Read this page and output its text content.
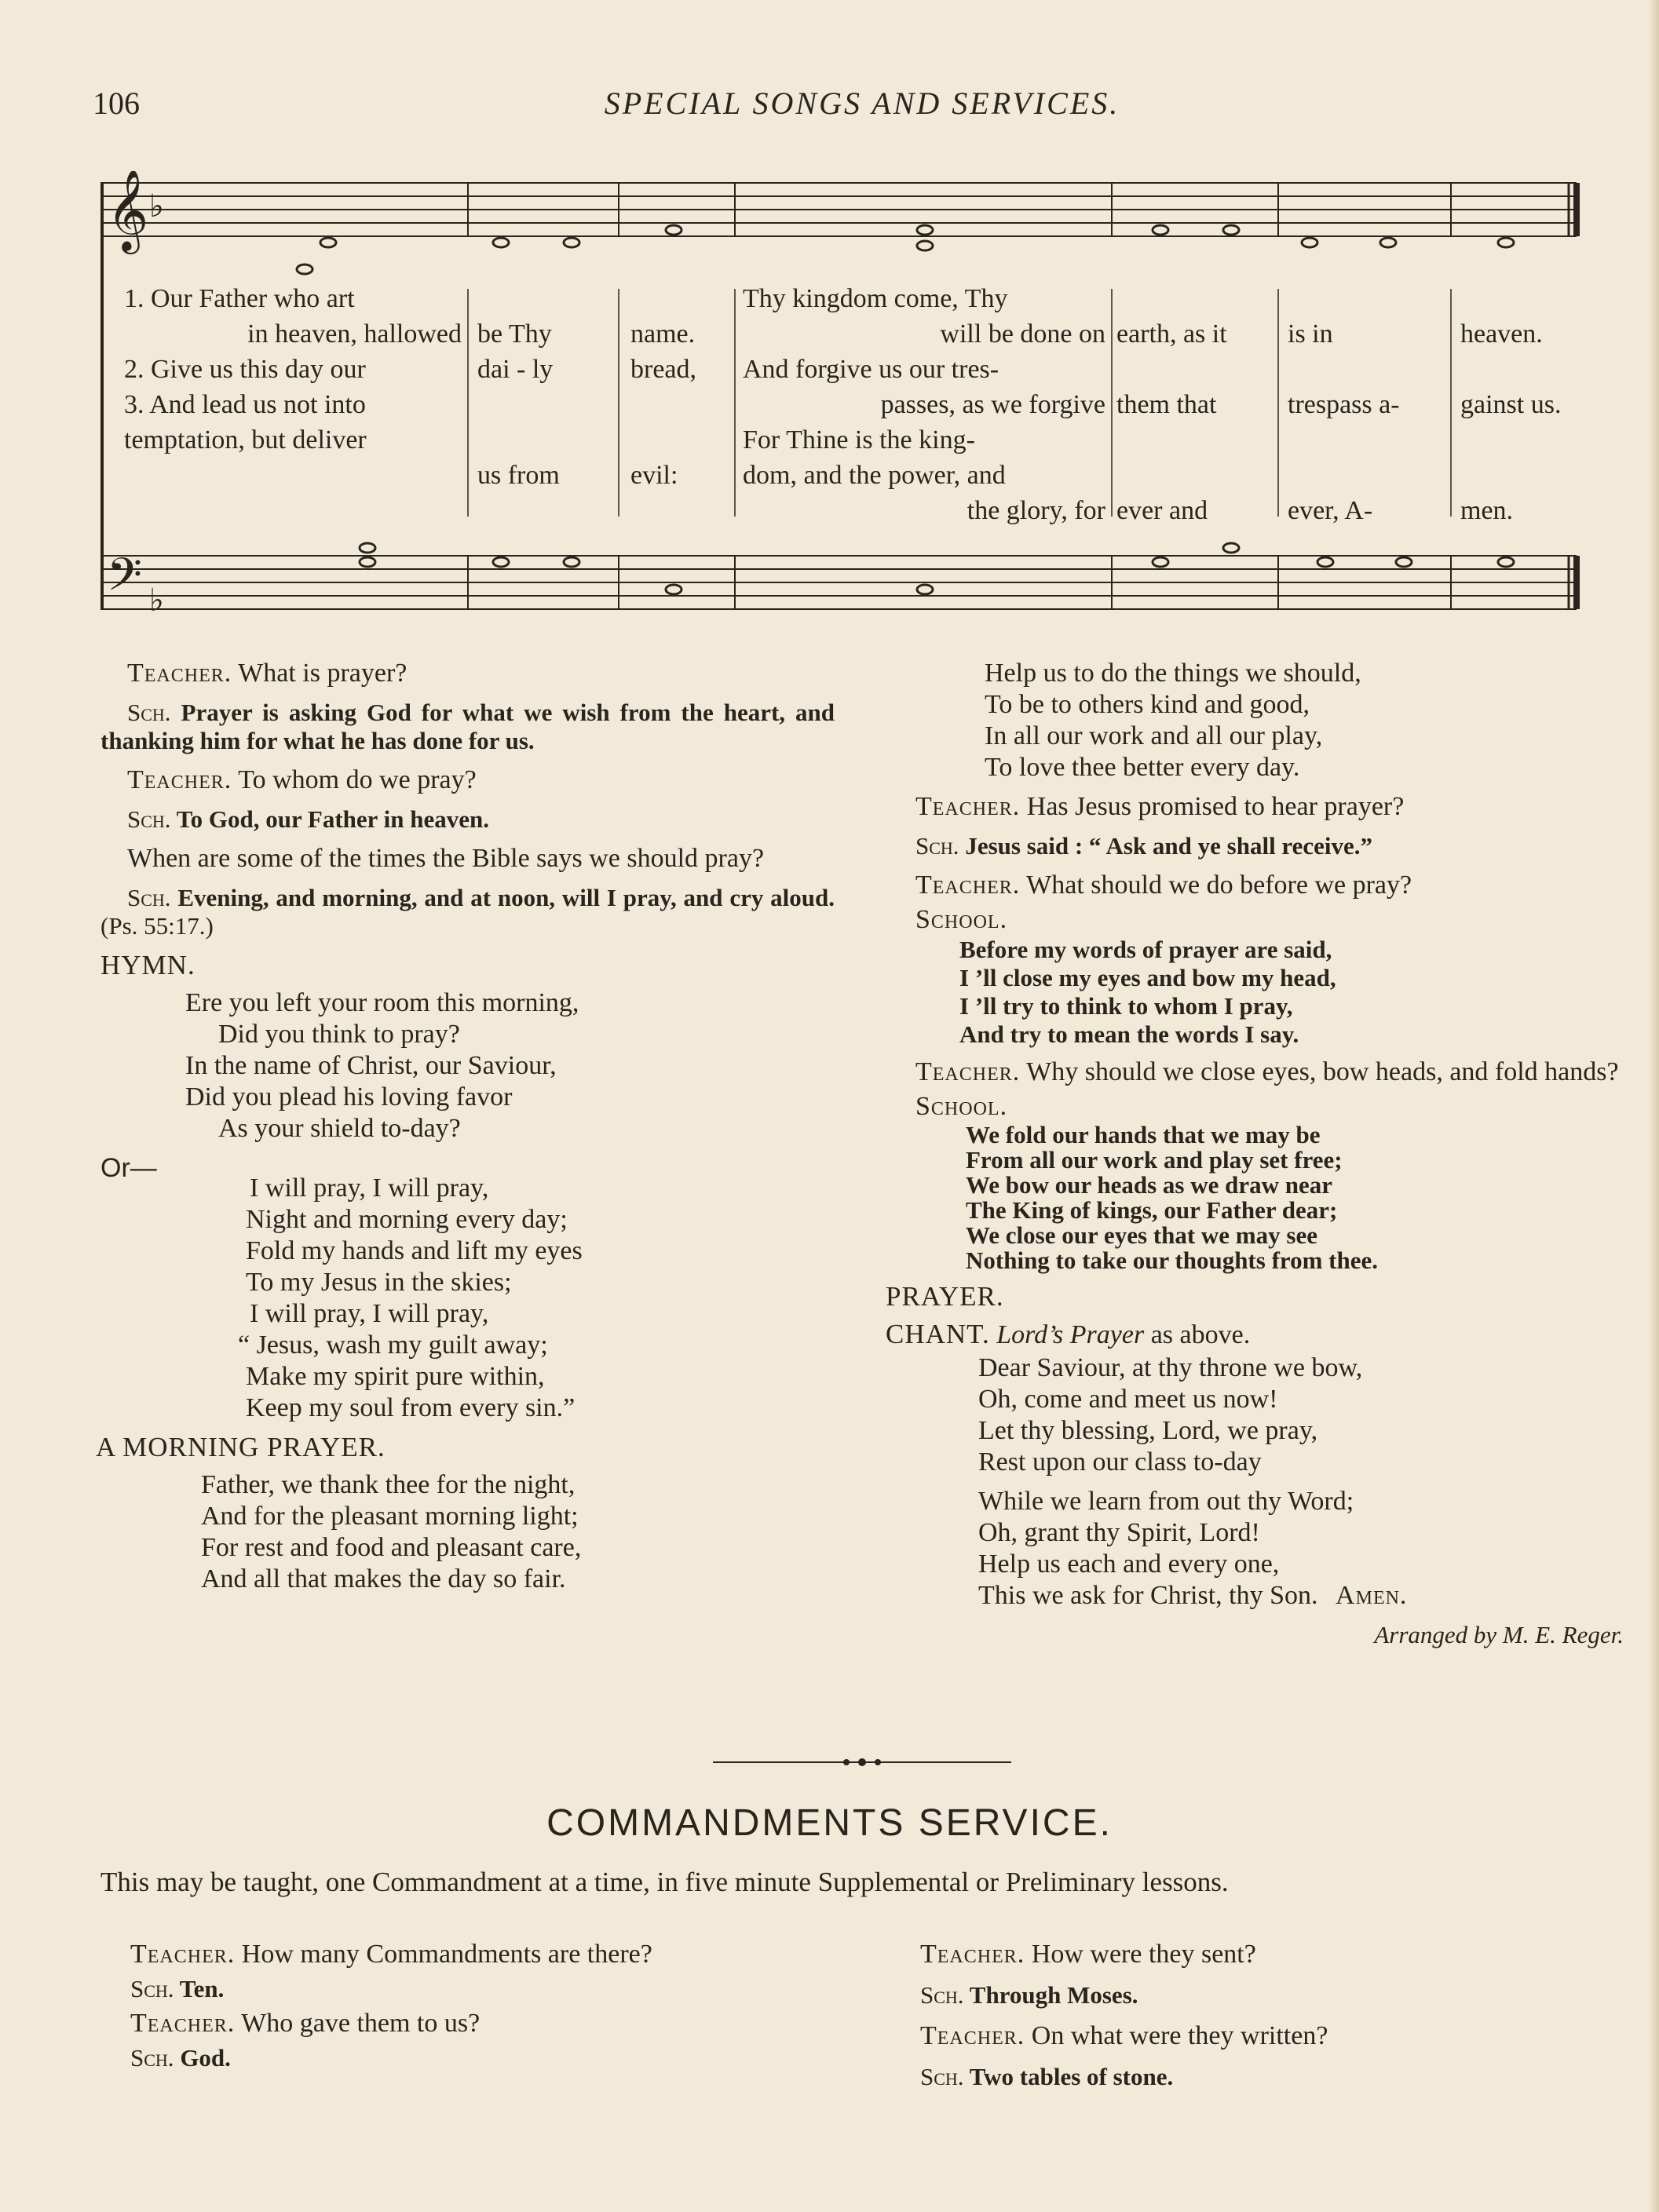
106	SPECIAL SONGS AND SERVICES.
𝄞 ♭
𝄢 ♭
1. Our Father who art
in heaven, hallowed
2. Give us this day our
3. And lead us not into
temptation, but deliver

be Thy
dai - ly

us from

name.
bread,

evil:
Thy kingdom come, Thy
will be done on
And forgive us our tres-
passes, as we forgive
For Thine is the king-
dom, and the power, and
the glory, for

earth, as it

them that

ever and

is in

trespass a-

ever, A-

heaven.

gainst us.

men.

Teacher. What is prayer?

Sch. Prayer is asking God for what we wish from the heart, and thanking him for what he has done for us.

Teacher. To whom do we pray?

Sch. To God, our Father in heaven.

When are some of the times the Bible says we should pray?

Sch. Evening, and morning, and at noon, will I pray, and cry aloud. (Ps. 55:17.)

HYMN.
Ere you left your room this morning,
Did you think to pray?
In the name of Christ, our Saviour,
Did you plead his loving favor
As your shield to-day?
Or—
I will pray, I will pray,
Night and morning every day;
Fold my hands and lift my eyes
To my Jesus in the skies;
I will pray, I will pray,
“ Jesus, wash my guilt away;
Make my spirit pure within,
Keep my soul from every sin.”
A MORNING PRAYER.
Father, we thank thee for the night,
And for the pleasant morning light;
For rest and food and pleasant care,
And all that makes the day so fair.
Help us to do the things we should,
To be to others kind and good,
In all our work and all our play,
To love thee better every day.

Teacher. Has Jesus promised to hear prayer?

Sch. Jesus said : “ Ask and ye shall receive.”

Teacher. What should we do before we pray?

School.
Before my words of prayer are said,
I ’ll close my eyes and bow my head,
I ’ll try to think to whom I pray,
And try to mean the words I say.

Teacher. Why should we close eyes, bow heads, and fold hands?

School.
We fold our hands that we may be
From all our work and play set free;
We bow our heads as we draw near
The King of kings, our Father dear;
We close our eyes that we may see
Nothing to take our thoughts from thee.
PRAYER.
CHANT. Lord’s Prayer as above.
Dear Saviour, at thy throne we bow,
Oh, come and meet us now!
Let thy blessing, Lord, we pray,
Rest upon our class to-day
While we learn from out thy Word;
Oh, grant thy Spirit, Lord!
Help us each and every one,
This we ask for Christ, thy Son. Amen.
Arranged by M. E. Reger.
COMMANDMENTS SERVICE.
This may be taught, one Commandment at a time, in five minute Supplemental or Preliminary lessons.

Teacher. How many Commandments are there?

Sch. Ten.

Teacher. Who gave them to us?

Sch. God.

Teacher. How were they sent?

Sch. Through Moses.

Teacher. On what were they written?

Sch. Two tables of stone.
